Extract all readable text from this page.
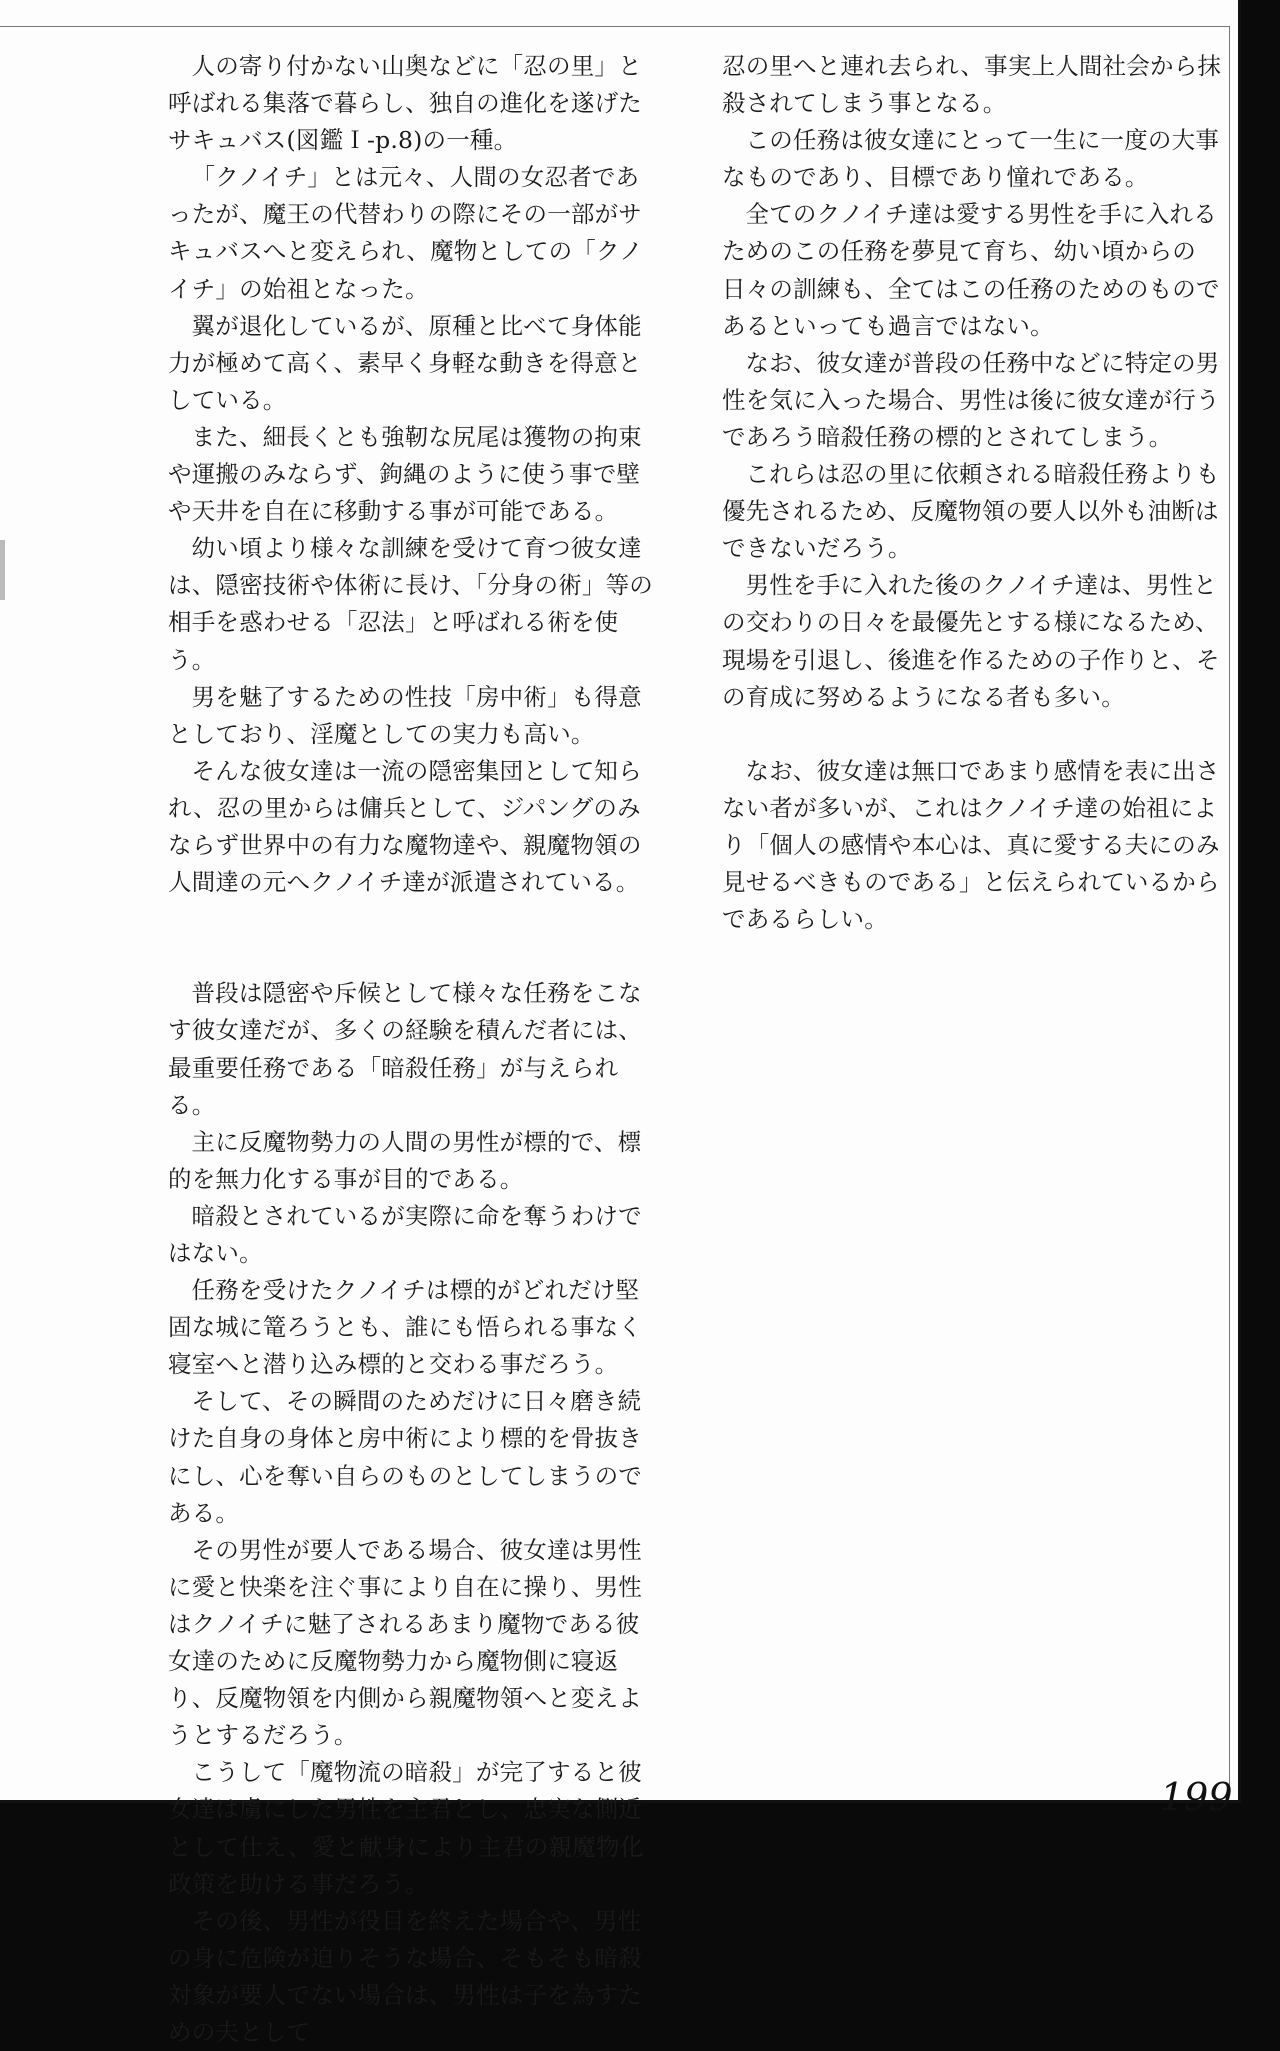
人の寄り付かない山奥などに「忍の里」と呼ばれる集落で暮らし、独自の進化を遂げたサキュバス(図鑑Ｉ-p.8)の一種。

「クノイチ」とは元々、人間の女忍者であったが、魔王の代替わりの際にその一部がサキュバスへと変えられ、魔物としての「クノイチ」の始祖となった。

翼が退化しているが、原種と比べて身体能力が極めて高く、素早く身軽な動きを得意としている。

また、細長くとも強靭な尻尾は獲物の拘束や運搬のみならず、鉤縄のように使う事で壁や天井を自在に移動する事が可能である。

幼い頃より様々な訓練を受けて育つ彼女達は、隠密技術や体術に長け、「分身の術」等の相手を惑わせる「忍法」と呼ばれる術を使う。

男を魅了するための性技「房中術」も得意としており、淫魔としての実力も高い。

そんな彼女達は一流の隠密集団として知られ、忍の里からは傭兵として、ジパングのみならず世界中の有力な魔物達や、親魔物領の人間達の元へクノイチ達が派遣されている。

普段は隠密や斥候として様々な任務をこなす彼女達だが、多くの経験を積んだ者には、最重要任務である「暗殺任務」が与えられる。

主に反魔物勢力の人間の男性が標的で、標的を無力化する事が目的である。

暗殺とされているが実際に命を奪うわけではない。

任務を受けたクノイチは標的がどれだけ堅固な城に篭ろうとも、誰にも悟られる事なく寝室へと潜り込み標的と交わる事だろう。

そして、その瞬間のためだけに日々磨き続けた自身の身体と房中術により標的を骨抜きにし、心を奪い自らのものとしてしまうのである。

その男性が要人である場合、彼女達は男性に愛と快楽を注ぐ事により自在に操り、男性はクノイチに魅了されるあまり魔物である彼女達のために反魔物勢力から魔物側に寝返り、反魔物領を内側から親魔物領へと変えようとするだろう。

こうして「魔物流の暗殺」が完了すると彼女達は虜にした男性を主君とし、忠実な側近として仕え、愛と献身により主君の親魔物化政策を助ける事だろう。

その後、男性が役目を終えた場合や、男性の身に危険が迫りそうな場合、そもそも暗殺対象が要人でない場合は、男性は子を為すための夫として

忍の里へと連れ去られ、事実上人間社会から抹殺されてしまう事となる。

この任務は彼女達にとって一生に一度の大事なものであり、目標であり憧れである。

全てのクノイチ達は愛する男性を手に入れるためのこの任務を夢見て育ち、幼い頃からの日々の訓練も、全てはこの任務のためのものであるといっても過言ではない。

なお、彼女達が普段の任務中などに特定の男性を気に入った場合、男性は後に彼女達が行うであろう暗殺任務の標的とされてしまう。

これらは忍の里に依頼される暗殺任務よりも優先されるため、反魔物領の要人以外も油断はできないだろう。

男性を手に入れた後のクノイチ達は、男性との交わりの日々を最優先とする様になるため、現場を引退し、後進を作るための子作りと、その育成に努めるようになる者も多い。

なお、彼女達は無口であまり感情を表に出さない者が多いが、これはクノイチ達の始祖により「個人の感情や本心は、真に愛する夫にのみ見せるべきものである」と伝えられているからであるらしい。

199
